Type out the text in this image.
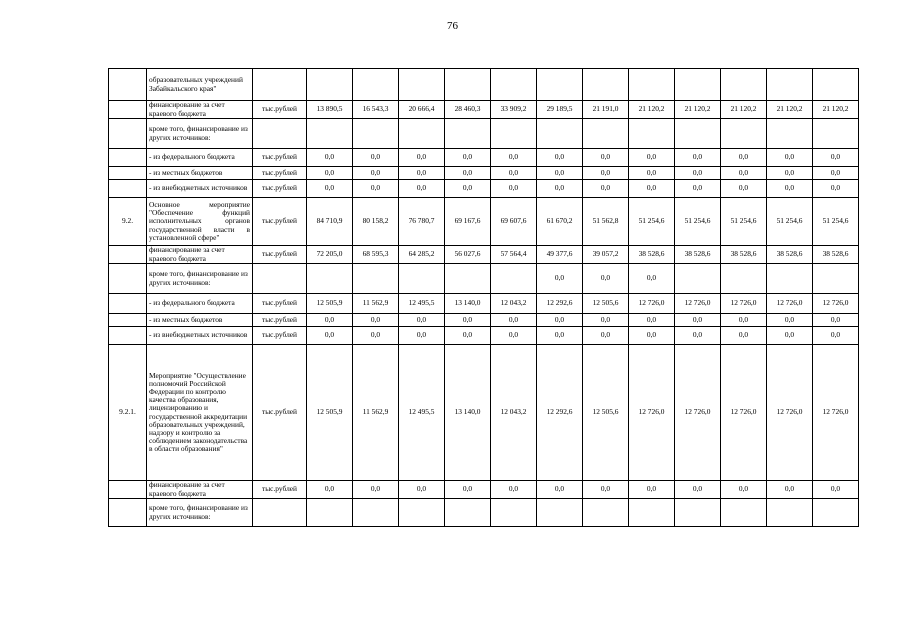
76
	образовательных учреждений Забайкальского края"													
	финансирование за счет краевого бюджета	тыс.рублей	13 890,5	16 543,3	20 666,4	28 460,3	33 909,2	29 189,5	21 191,0	21 120,2	21 120,2	21 120,2	21 120,2	21 120,2
	кроме того, финансирование из других источников:													
	- из федерального бюджета	тыс.рублей	0,0	0,0	0,0	0,0	0,0	0,0	0,0	0,0	0,0	0,0	0,0	0,0
	- из местных бюджетов	тыс.рублей	0,0	0,0	0,0	0,0	0,0	0,0	0,0	0,0	0,0	0,0	0,0	0,0
	- из внебюджетных источников	тыс.рублей	0,0	0,0	0,0	0,0	0,0	0,0	0,0	0,0	0,0	0,0	0,0	0,0
9.2.	Основное мероприятие "Обеспечение функций исполнительных органов государственной власти в установленной сфере"	тыс.рублей	84 710,9	80 158,2	76 780,7	69 167,6	69 607,6	61 670,2	51 562,8	51 254,6	51 254,6	51 254,6	51 254,6	51 254,6
	финансирование за счет краевого бюджета	тыс.рублей	72 205,0	68 595,3	64 285,2	56 027,6	57 564,4	49 377,6	39 057,2	38 528,6	38 528,6	38 528,6	38 528,6	38 528,6
	кроме того, финансирование из других источников:							0,0	0,0	0,0				
	- из федерального бюджета	тыс.рублей	12 505,9	11 562,9	12 495,5	13 140,0	12 043,2	12 292,6	12 505,6	12 726,0	12 726,0	12 726,0	12 726,0	12 726,0
	- из местных бюджетов	тыс.рублей	0,0	0,0	0,0	0,0	0,0	0,0	0,0	0,0	0,0	0,0	0,0	0,0
	- из внебюджетных источников	тыс.рублей	0,0	0,0	0,0	0,0	0,0	0,0	0,0	0,0	0,0	0,0	0,0	0,0
9.2.1.	Мероприятие "Осуществление полномочий Российской Федерации по контролю качества образования, лицензированию и государственной аккредитации образовательных учреждений, надзору и контролю за соблюдением законодательства в области образования"	тыс.рублей	12 505,9	11 562,9	12 495,5	13 140,0	12 043,2	12 292,6	12 505,6	12 726,0	12 726,0	12 726,0	12 726,0	12 726,0
	финансирование за счет краевого бюджета	тыс.рублей	0,0	0,0	0,0	0,0	0,0	0,0	0,0	0,0	0,0	0,0	0,0	0,0
	кроме того, финансирование из других источников:													
